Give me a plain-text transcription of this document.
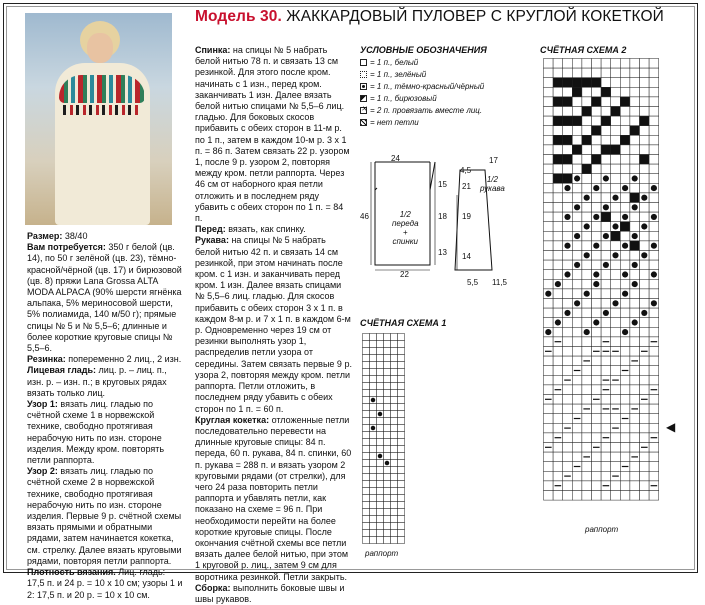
Модель 30. ЖАККАРДОВЫЙ ПУЛОВЕР С КРУГЛОЙ КОКЕТКОЙ

Размер: 38/40

Вам потребуется: 350 г белой (цв. 14), по 50 г зелёной (цв. 23), тёмно-красной/чёрной (цв. 17) и бирюзовой (цв. 8) пряжи Lana Grossa ALTA MODA ALPACA (90% шерсти ягнёнка альпака, 5% мериносовой шерсти, 5% полиамида, 140 м/50 г); прямые спицы № 5 и № 5,5–6; длинные и более короткие круговые спицы № 5,5–6.

Резинка: попеременно 2 лиц., 2 изн.

Лицевая гладь: лиц. р. – лиц. п., изн. р. – изн. п.; в круговых рядах вязать только лиц.

Узор 1: вязать лиц. гладью по счётной схеме 1 в норвежской технике, свободно протягивая нерабочую нить по изн. стороне изделия. Между кром. повторять петли раппорта.

Узор 2: вязать лиц. гладью по счётной схеме 2 в норвежской технике, свободно протягивая нерабочую нить по изн. стороне изделия. Первые 9 р. счётной схемы вязать прямыми и обратными рядами, затем начинается кокетка, см. стрелку. Далее вязать круговыми рядами, повторяя петли раппорта.

Плотность вязания. Лиц. гладь: 17,5 п. и 24 р. = 10 х 10 см; узоры 1 и 2: 17,5 п. и 20 р. = 10 х 10 см.

Спинка: на спицы № 5 набрать белой нитью 78 п. и связать 13 см резинкой. Для этого после кром. начинать с 1 изн., перед кром. заканчивать 1 изн. Далее вязать белой нитью спицами № 5,5–6 лиц. гладью. Для боковых скосов прибавить с обеих сторон в 11-м р. по 1 п., затем в каждом 10-м р. 3 х 1 п. = 86 п. Затем связать 22 р. узором 1, после 9 р. узором 2, повторяя между кром. петли раппорта. Через 46 см от наборного края петли отложить и в последнем ряду убавить с обеих сторон по 1 п. = 84 п.

Перед: вязать, как спинку.

Рукава: на спицы № 5 набрать белой нитью 42 п. и связать 14 см резинкой, при этом начинать после кром. с 1 изн. и заканчивать перед кром. 1 изн. Далее вязать спицами № 5,5–6 лиц. гладью. Для скосов прибавить с обеих сторон 3 х 1 п. в каждом 8-м р. и 7 х 1 п. в каждом 6-м р. Одновременно через 19 см от резинки выполнять узор 1, распределив петли узора от середины. Затем связать первые 9 р. узора 2, повторяя между кром. петли раппорта. Петли отложить, в последнем ряду убавить с обеих сторон по 1 п. = 60 п.

Круглая кокетка: отложенные петли последовательно перевести на длинные круговые спицы: 84 п. переда, 60 п. рукава, 84 п. спинки, 60 п. рукава = 288 п. и вязать узором 2 круговыми рядами (от стрелки), для чего 24 раза повторить петли раппорта и убавлять петли, как показано на схеме = 96 п. При необходимости перейти на более короткие круговые спицы. После окончания счётной схемы все петли вязать далее белой нитью, при этом 1 круговой р. лиц., затем 9 см для воротника резинкой. Петли закрыть.

Сборка: выполнить боковые швы и швы рукавов.

УСЛОВНЫЕ ОБОЗНАЧЕНИЯ
= 1 п., белый
= 1 п., зелёный
= 1 п., тёмно-красный/чёрный
= 1 п., бирюзовый
✕
= 2 п. провязать вместе лиц.
= нет петли
24
15
46	18
13
22
1/2
переда
+
спинки
17
4,5
21
19
14
5,5 11,5
1/2
рукава
СЧЁТНАЯ СХЕМА 1
раппорт
СЧЁТНАЯ СХЕМА 2
раппорт
◀
